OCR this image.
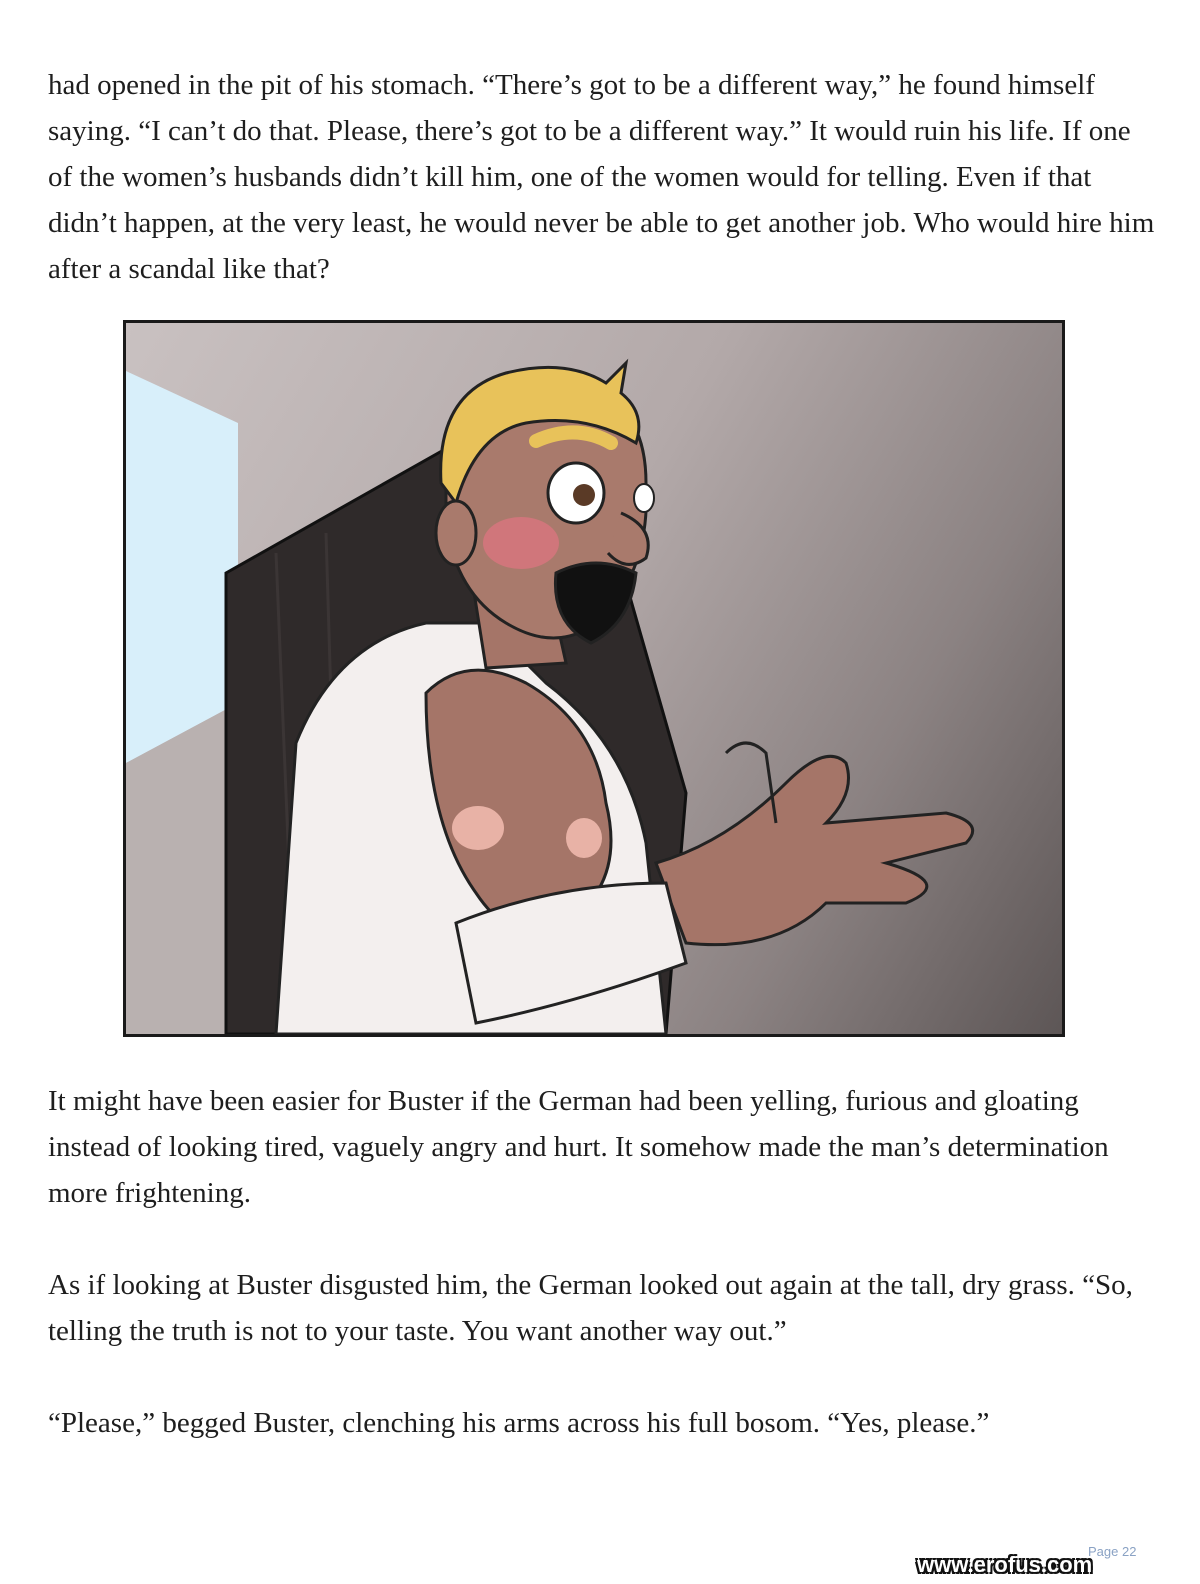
had opened in the pit of his stomach. “There’s got to be a different way,” he found himself saying. “I can’t do that. Please, there’s got to be a different way.” It would ruin his life. If one of the women’s husbands didn’t kill him, one of the women would for telling. Even if that didn’t happen, at the very least, he would never be able to get another job. Who would hire him after a scandal like that?

It might have been easier for Buster if the German had been yelling, furious and gloating instead of looking tired, vaguely angry and hurt. It somehow made the man’s determination more frightening.

As if looking at Buster disgusted him, the German looked out again at the tall, dry grass. “So, telling the truth is not to your taste. You want another way out.”

“Please,” begged Buster, clenching his arms across his full bosom. “Yes, please.”

Page 22
www.erofus.com
